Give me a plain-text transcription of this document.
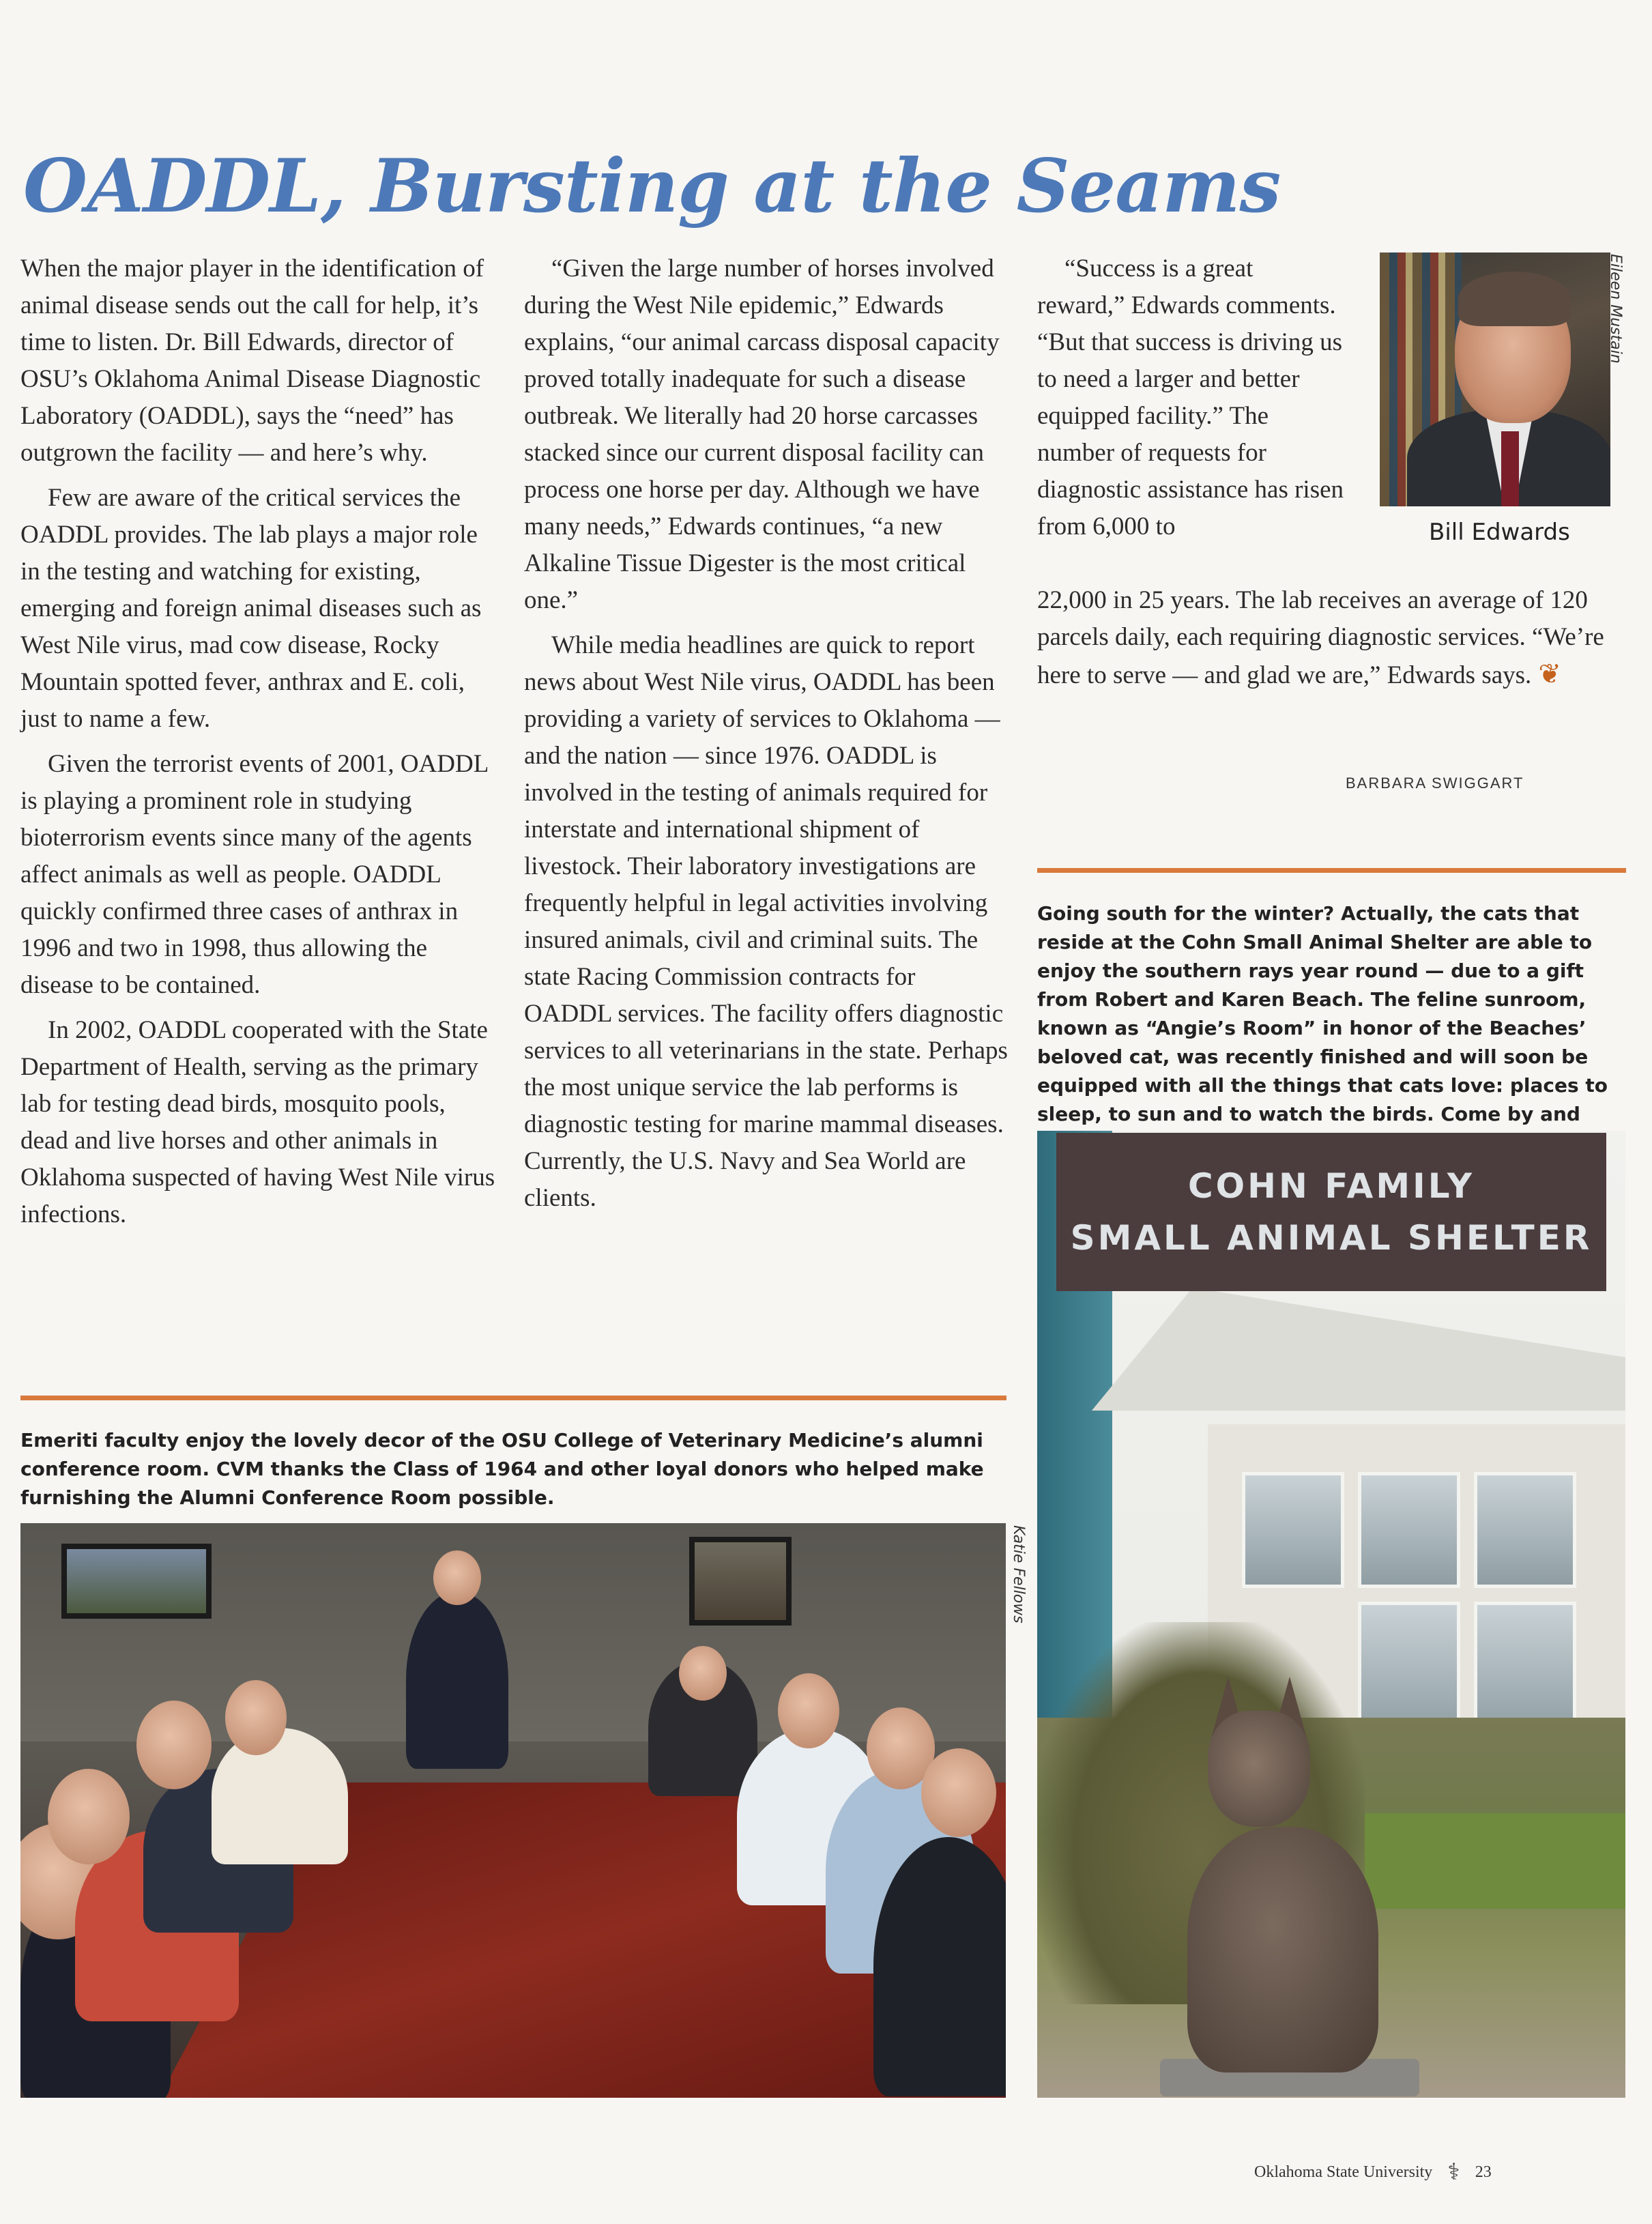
OADDL, Bursting at the Seams

When the major player in the identification of animal disease sends out the call for help, it’s time to listen. Dr. Bill Edwards, director of OSU’s Oklahoma Animal Disease Diagnostic Laboratory (OADDL), says the “need” has outgrown the facility — and here’s why.

Few are aware of the critical services the OADDL provides. The lab plays a major role in the testing and watching for existing, emerging and foreign animal diseases such as West Nile virus, mad cow disease, Rocky Mountain spotted fever, anthrax and E. coli, just to name a few.

Given the terrorist events of 2001, OADDL is playing a prominent role in studying bioterrorism events since many of the agents affect animals as well as people. OADDL quickly confirmed three cases of anthrax in 1996 and two in 1998, thus allowing the disease to be contained.

In 2002, OADDL cooperated with the State Department of Health, serving as the primary lab for testing dead birds, mosquito pools, dead and live horses and other animals in Oklahoma suspected of having West Nile virus infections.

“Given the large number of horses involved during the West Nile epidemic,” Edwards explains, “our animal carcass disposal capacity proved totally inadequate for such a disease outbreak. We literally had 20 horse carcasses stacked since our current disposal facility can process one horse per day. Although we have many needs,” Edwards continues, “a new Alkaline Tissue Digester is the most critical one.”

While media headlines are quick to report news about West Nile virus, OADDL has been providing a variety of services to Oklahoma — and the nation — since 1976. OADDL is involved in the testing of animals required for interstate and international shipment of livestock. Their laboratory investigations are frequently helpful in legal activities involving insured animals, civil and criminal suits. The state Racing Commission contracts for OADDL services. The facility offers diagnostic services to all veterinarians in the state. Perhaps the most unique service the lab performs is diagnostic testing for marine mammal diseases. Currently, the U.S. Navy and Sea World are clients.

“Success is a great reward,” Edwards comments. “But that success is driving us to need a larger and better equipped facility.” The number of requests for diagnostic assistance has risen from 6,000 to

22,000 in 25 years. The lab receives an average of 120 parcels daily, each requiring diagnostic services. “We’re here to serve — and glad we are,” Edwards says. ❦

BARBARA SWIGGART
Eileen Mustain
Bill Edwards
Going south for the winter? Actually, the cats that reside at the Cohn Small Animal Shelter are able to enjoy the southern rays year round — due to a gift from Robert and Karen Beach. The feline sunroom, known as “Angie’s Room” in honor of the Beaches’ beloved cat, was recently finished and will soon be equipped with all the things that cats love: places to sleep, to sun and to watch the birds. Come by and
COHN FAMILY
SMALL ANIMAL SHELTER
Emeriti faculty enjoy the lovely decor of the OSU College of Veterinary Medicine’s alumni conference room. CVM thanks the Class of 1964 and other loyal donors who helped make furnishing the Alumni Conference Room possible.
Katie Fellows
Oklahoma State University ⚕ 23
